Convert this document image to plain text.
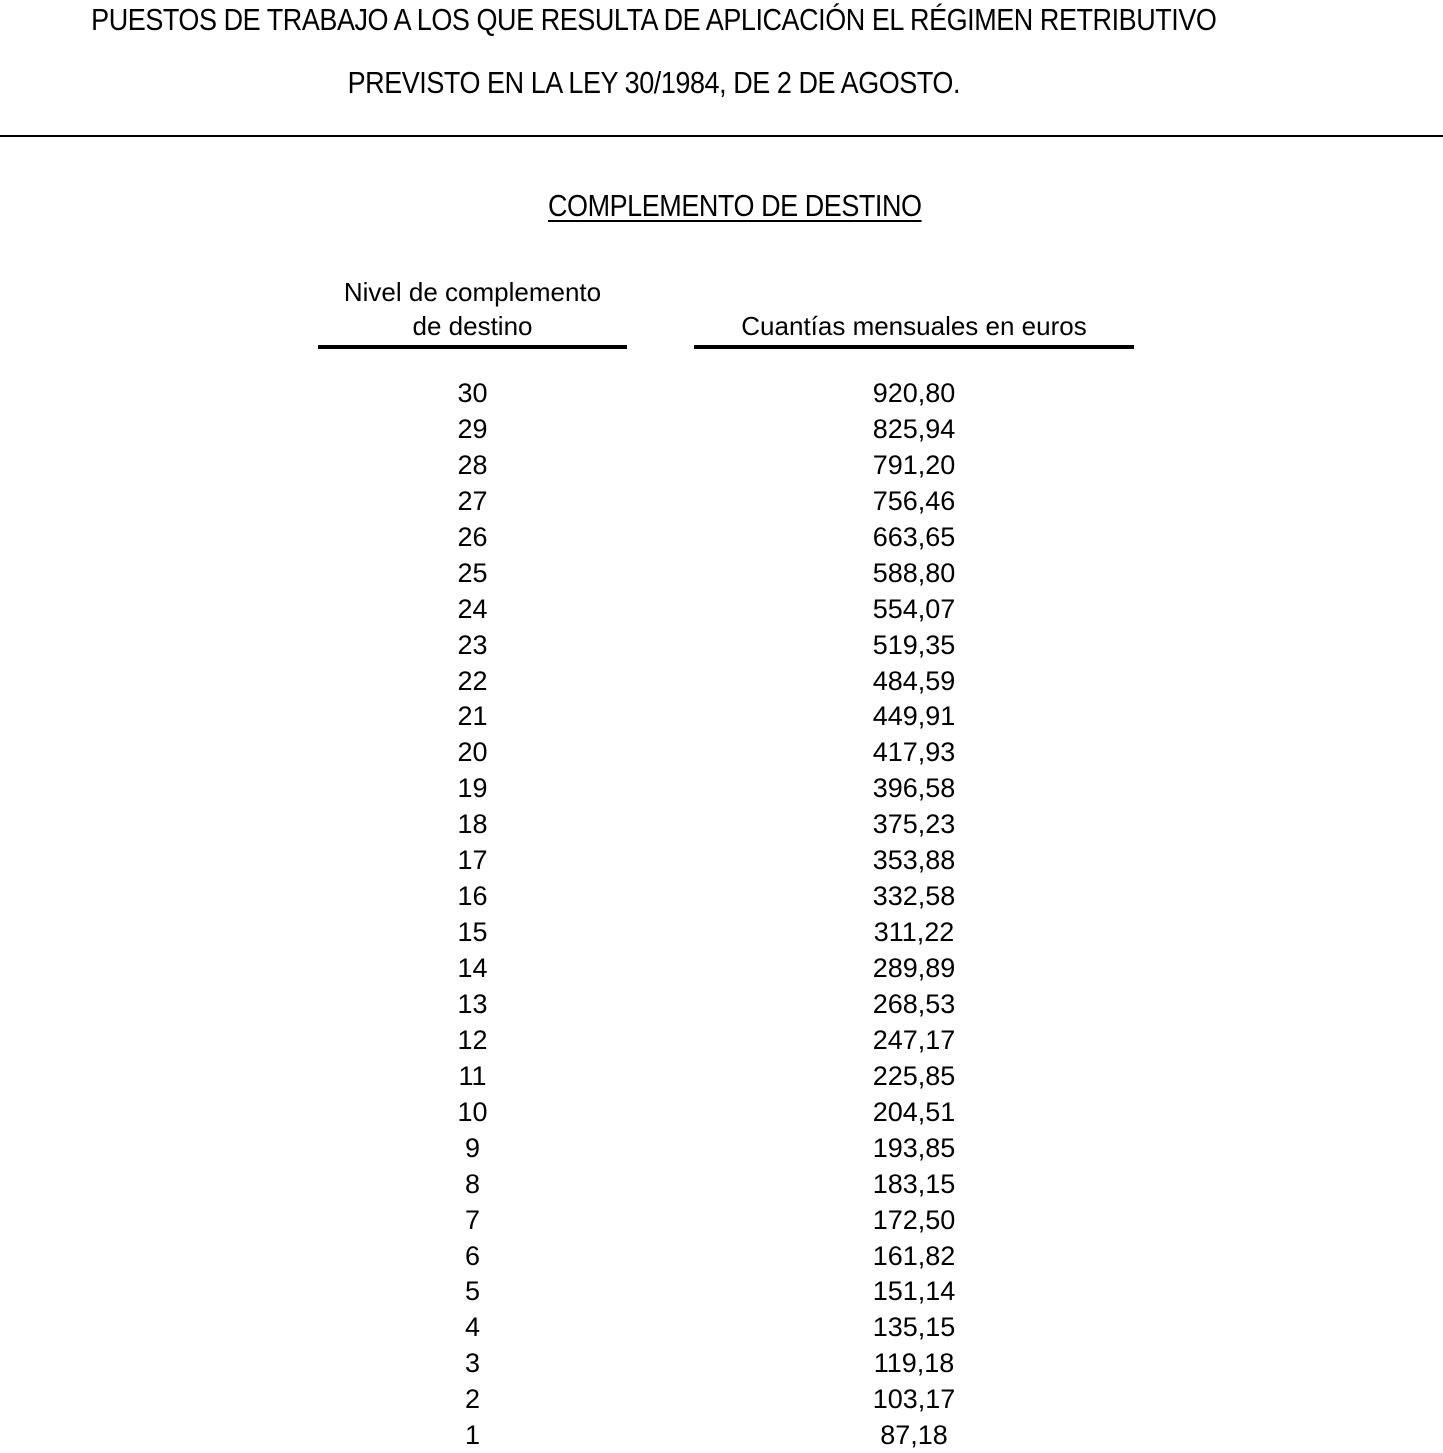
PUESTOS DE TRABAJO A LOS QUE RESULTA DE APLICACIÓN EL RÉGIMEN RETRIBUTIVO
PREVISTO EN LA LEY 30/1984, DE 2 DE AGOSTO.
COMPLEMENTO DE DESTINO
Nivel de complemento
de destino	Cuantías mensuales en euros
30	920,80
29	825,94
28	791,20
27	756,46
26	663,65
25	588,80
24	554,07
23	519,35
22	484,59
21	449,91
20	417,93
19	396,58
18	375,23
17	353,88
16	332,58
15	311,22
14	289,89
13	268,53
12	247,17
11	225,85
10	204,51
9	193,85
8	183,15
7	172,50
6	161,82
5	151,14
4	135,15
3	119,18
2	103,17
1	87,18
